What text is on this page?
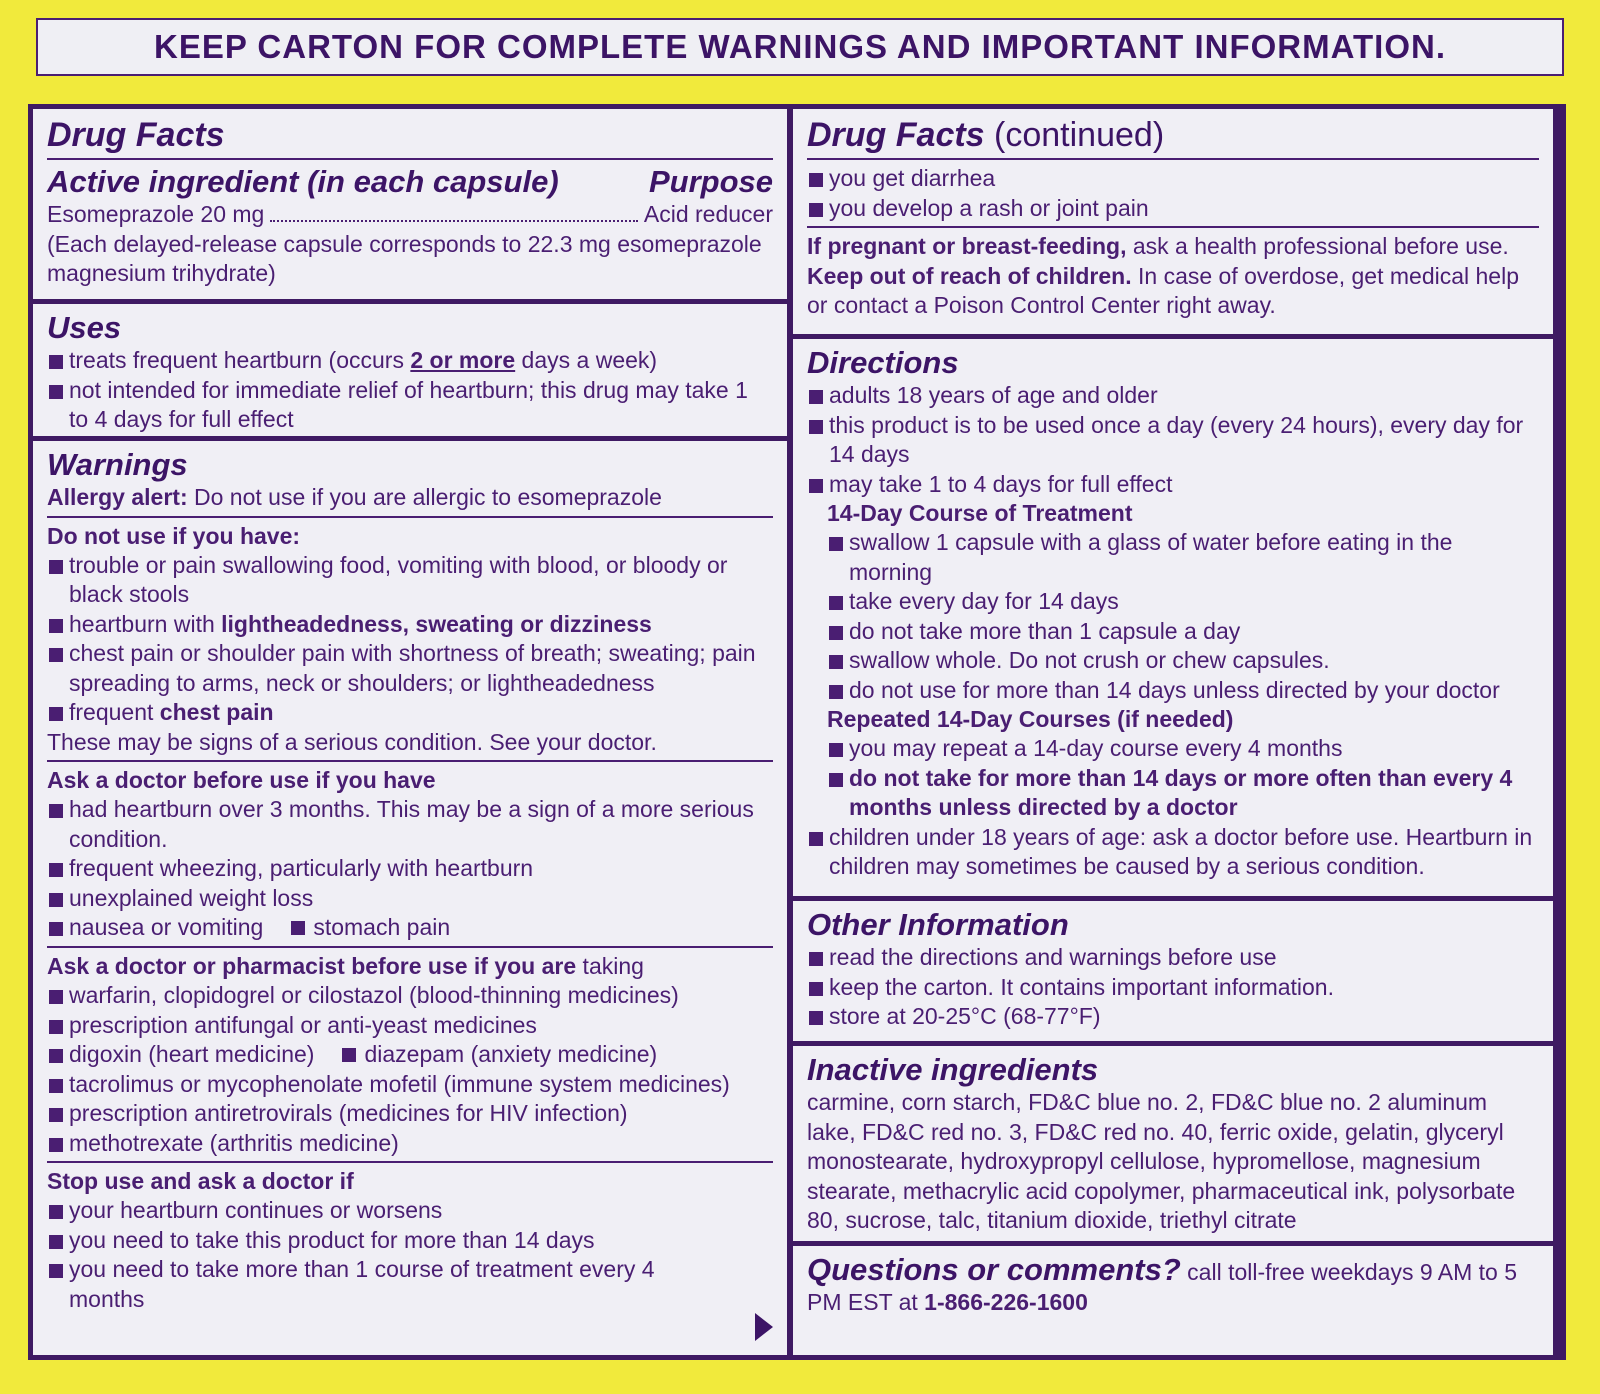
KEEP CARTON FOR COMPLETE WARNINGS AND IMPORTANT INFORMATION.
Drug Facts
Active ingredient (in each capsule)	Purpose
Esomeprazole 20 mg	Acid reducer
(Each delayed-release capsule corresponds to 22.3 mg esomeprazole magnesium trihydrate)
Uses
treats frequent heartburn (occurs 2 or more days a week)
not intended for immediate relief of heartburn; this drug may take 1 to 4 days for full effect
Warnings
Allergy alert: Do not use if you are allergic to esomeprazole
Do not use if you have:
trouble or pain swallowing food, vomiting with blood, or bloody or black stools
heartburn with lightheadedness, sweating or dizziness
chest pain or shoulder pain with shortness of breath; sweating; pain spreading to arms, neck or shoulders; or lightheadedness
frequent chest pain
These may be signs of a serious condition. See your doctor.
Ask a doctor before use if you have
had heartburn over 3 months. This may be a sign of a more serious condition.
frequent wheezing, particularly with heartburn
unexplained weight loss
nausea or vomiting stomach pain
Ask a doctor or pharmacist before use if you are taking
warfarin, clopidogrel or cilostazol (blood-thinning medicines)
prescription antifungal or anti-yeast medicines
digoxin (heart medicine) diazepam (anxiety medicine)
tacrolimus or mycophenolate mofetil (immune system medicines)
prescription antiretrovirals (medicines for HIV infection)
methotrexate (arthritis medicine)
Stop use and ask a doctor if
your heartburn continues or worsens
you need to take this product for more than 14 days
you need to take more than 1 course of treatment every 4 months
Drug Facts (continued)
you get diarrhea
you develop a rash or joint pain
If pregnant or breast-feeding, ask a health professional before use.
Keep out of reach of children. In case of overdose, get medical help or contact a Poison Control Center right away.
Directions
adults 18 years of age and older
this product is to be used once a day (every 24 hours), every day for 14 days
may take 1 to 4 days for full effect
14-Day Course of Treatment
swallow 1 capsule with a glass of water before eating in the morning
take every day for 14 days
do not take more than 1 capsule a day
swallow whole. Do not crush or chew capsules.
do not use for more than 14 days unless directed by your doctor
Repeated 14-Day Courses (if needed)
you may repeat a 14-day course every 4 months
do not take for more than 14 days or more often than every 4 months unless directed by a doctor
children under 18 years of age: ask a doctor before use. Heartburn in children may sometimes be caused by a serious condition.
Other Information
read the directions and warnings before use
keep the carton. It contains important information.
store at 20-25°C (68-77°F)
Inactive ingredients
carmine, corn starch, FD&C blue no. 2, FD&C blue no. 2 aluminum lake, FD&C red no. 3, FD&C red no. 40, ferric oxide, gelatin, glyceryl monostearate, hydroxypropyl cellulose, hypromellose, magnesium stearate, methacrylic acid copolymer, pharmaceutical ink, polysorbate 80, sucrose, talc, titanium dioxide, triethyl citrate
Questions or comments? call toll-free weekdays 9 AM to 5 PM EST at 1-866-226-1600
